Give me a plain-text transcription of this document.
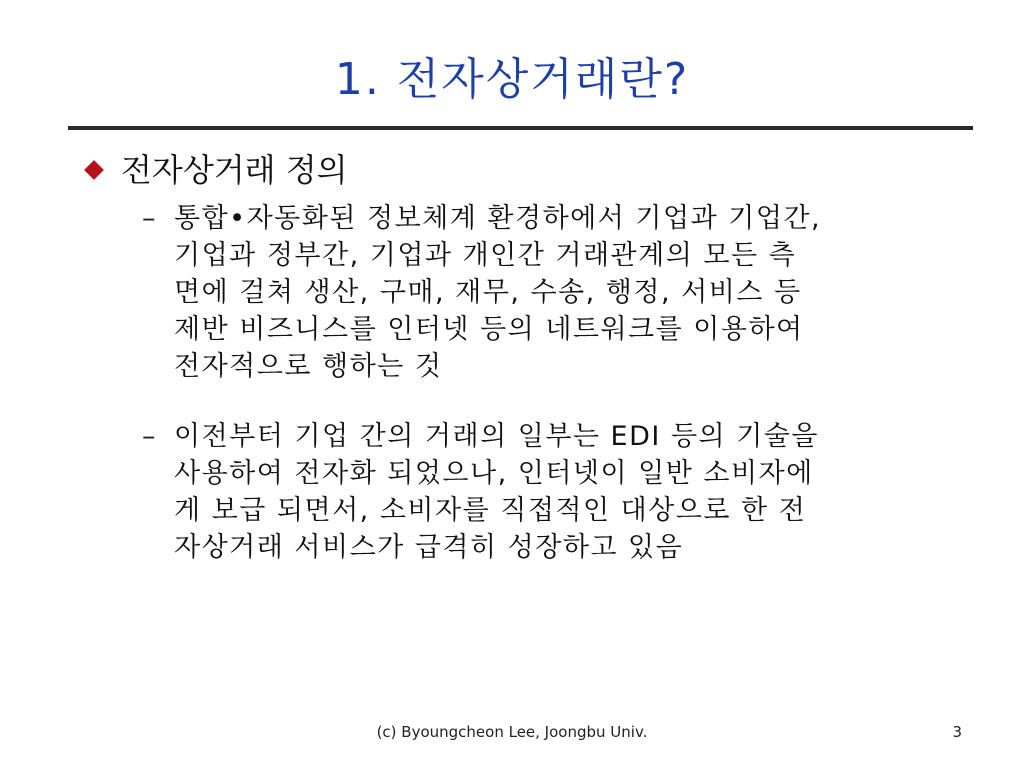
1. 전자상거래란?
전자상거래 정의
– 통합•자동화된 정보체계 환경하에서 기업과 기업간,
기업과 정부간, 기업과 개인간 거래관계의 모든 측
면에 걸쳐 생산, 구매, 재무, 수송, 행정, 서비스 등
제반 비즈니스를 인터넷 등의 네트워크를 이용하여
전자적으로 행하는 것
– 이전부터 기업 간의 거래의 일부는 EDI 등의 기술을
사용하여 전자화 되었으나, 인터넷이 일반 소비자에
게 보급 되면서, 소비자를 직접적인 대상으로 한 전
자상거래 서비스가 급격히 성장하고 있음
(c) Byoungcheon Lee, Joongbu Univ.	3
